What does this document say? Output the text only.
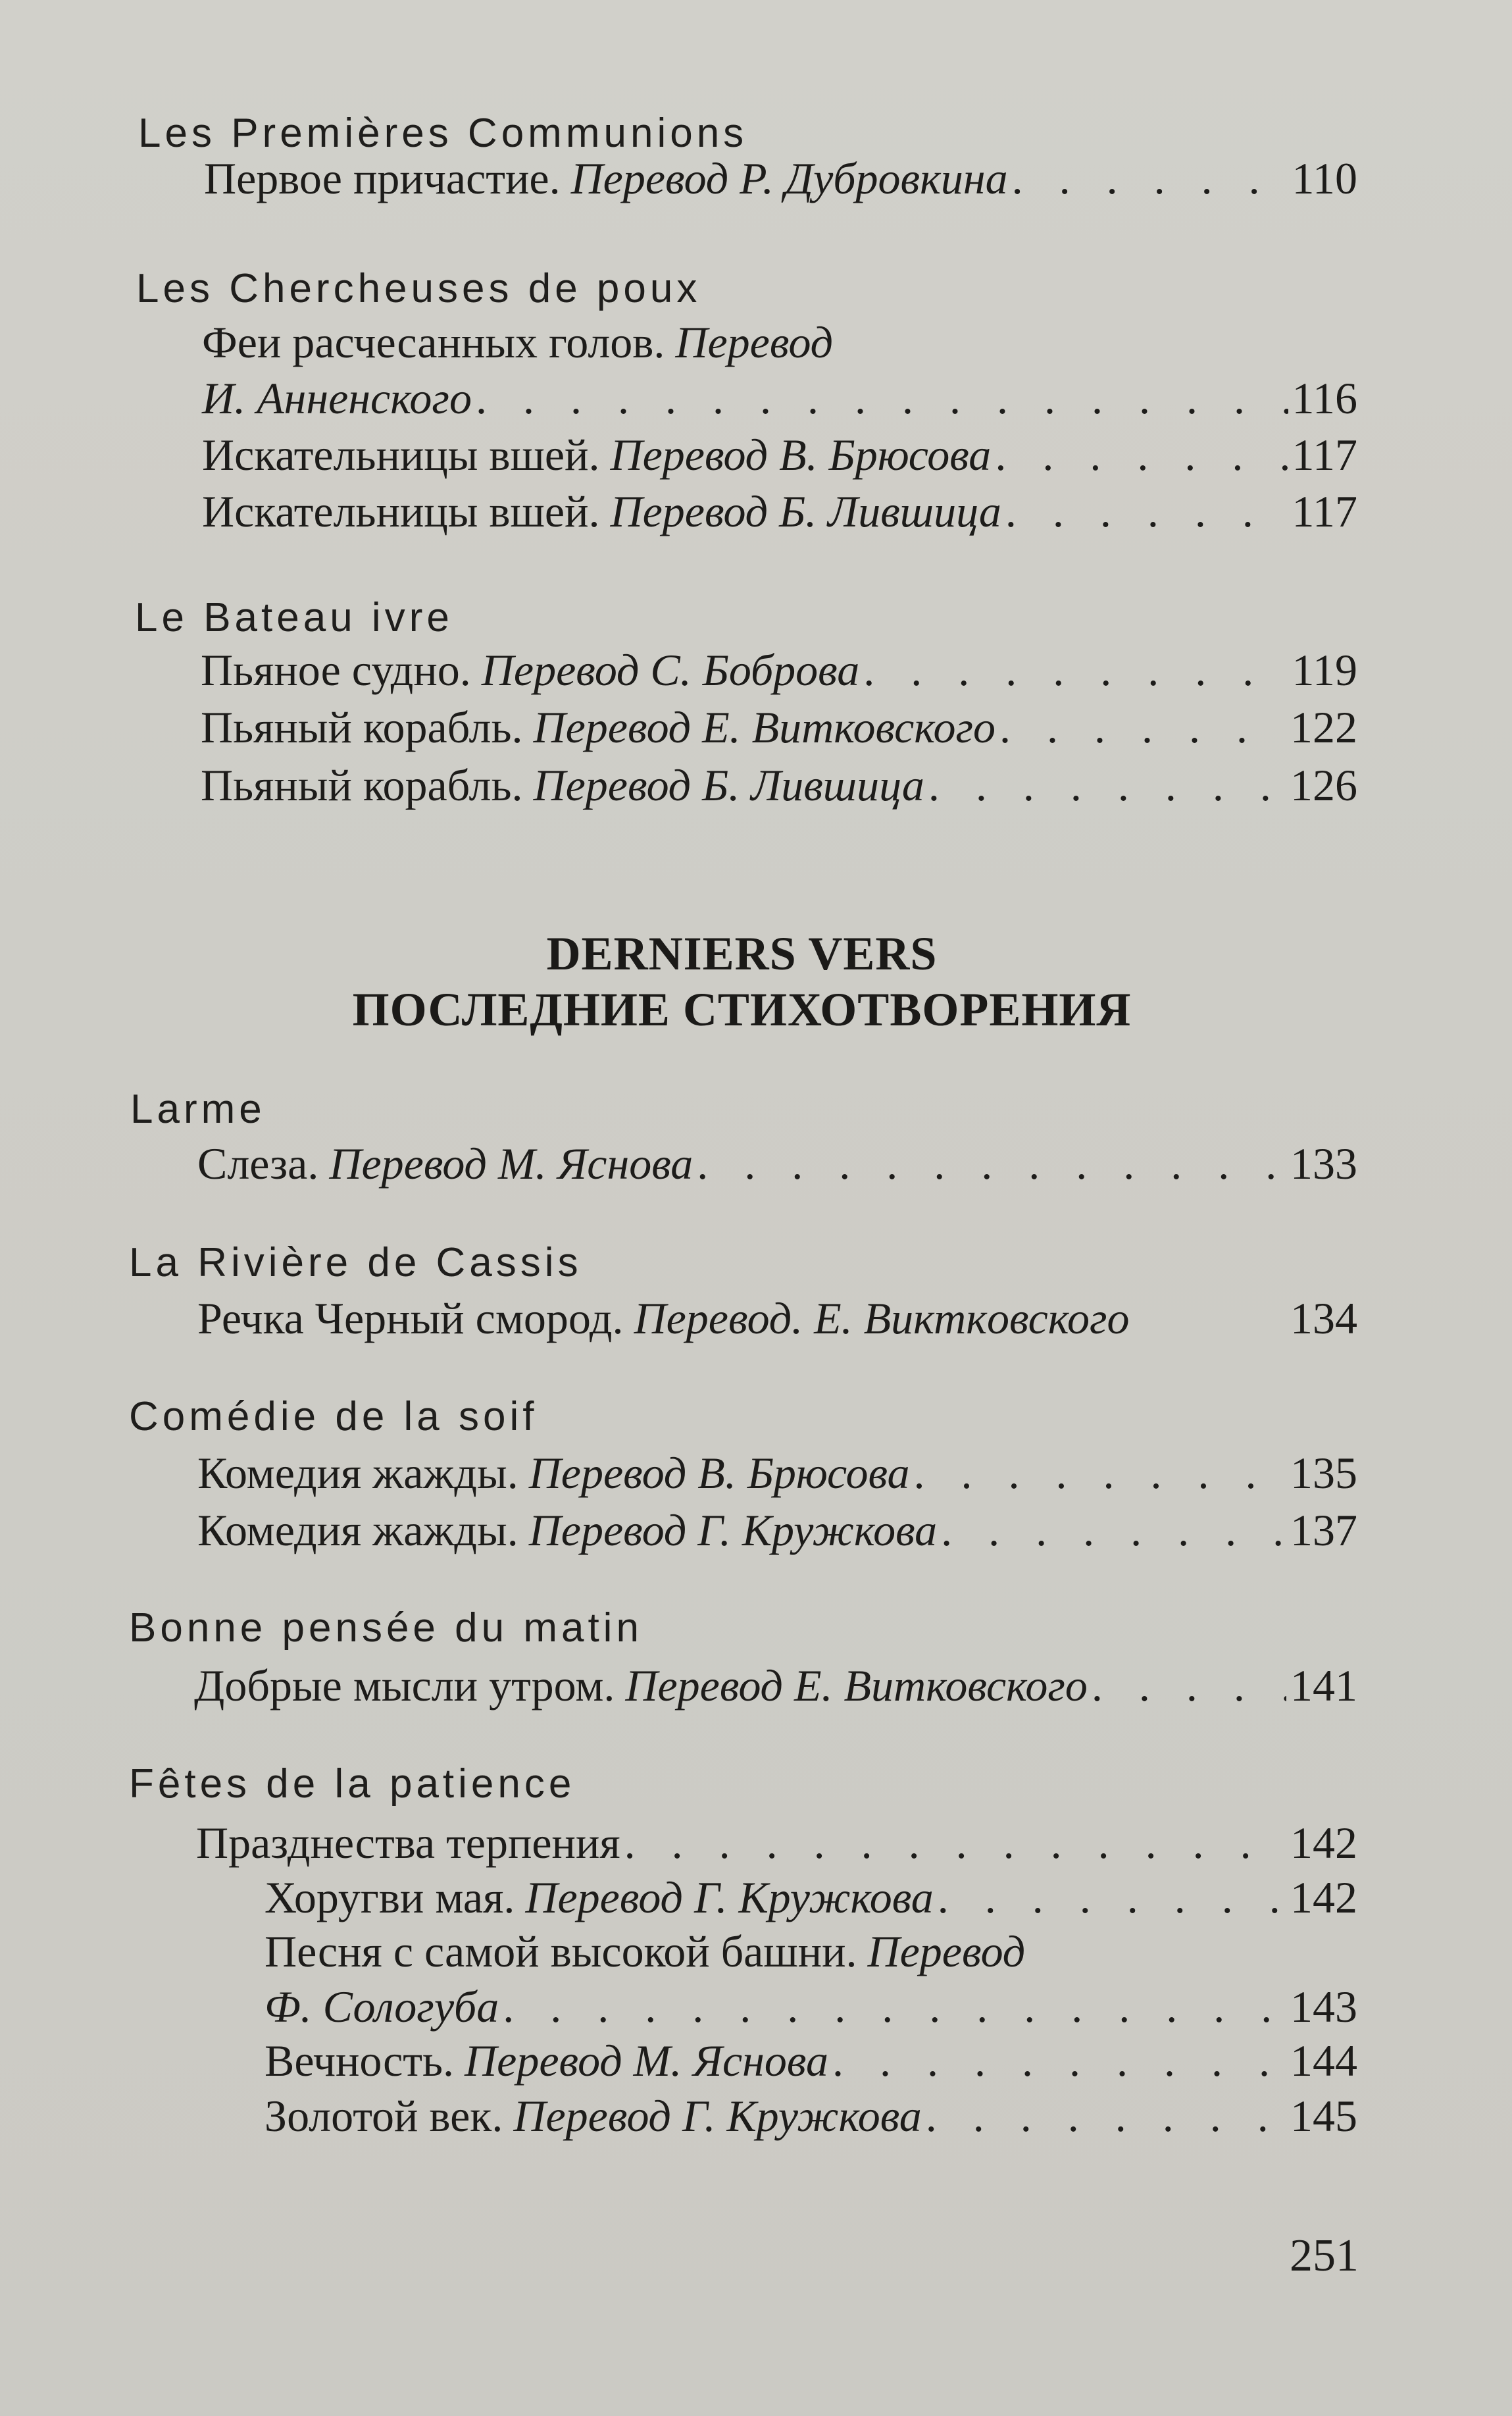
Les Premières Communions
Первое причастие. Перевод Р. Дубровкина . . .	110
Les Chercheuses de poux
Феи расчесанных голов. Перевод
И. Анненского . . .	116
Искательницы вшей. Перевод В. Брюсова . . .	117
Искательницы вшей. Перевод Б. Лившица . . .	117
Le Bateau ivre
Пьяное судно. Перевод С. Боброва . . .	119
Пьяный корабль. Перевод Е. Витковского . . .	122
Пьяный корабль. Перевод Б. Лившица . . .	126
DERNIERS VERS
ПОСЛЕДНИЕ СТИХОТВОРЕНИЯ
Larme
Слеза. Перевод М. Яснова . . .	133
La Rivière de Cassis
Речка Черный смород. Перевод. Е. Викткoвского	134
Comédie de la soif
Комедия жажды. Перевод В. Брюсова . . .	135
Комедия жажды. Перевод Г. Кружкова . . .	137
Bonne pensée du matin
Добрые мысли утром. Перевод Е. Витковского . . .	141
Fêtes de la patience
Празднества терпения . . .	142
Хоругви мая. Перевод Г. Кружкова . . .	142
Песня с самой высокой башни. Перевод
Ф. Сологуба . . .	143
Вечность. Перевод М. Яснова . . .	144
Золотой век. Перевод Г. Кружкова . . .	145
251
